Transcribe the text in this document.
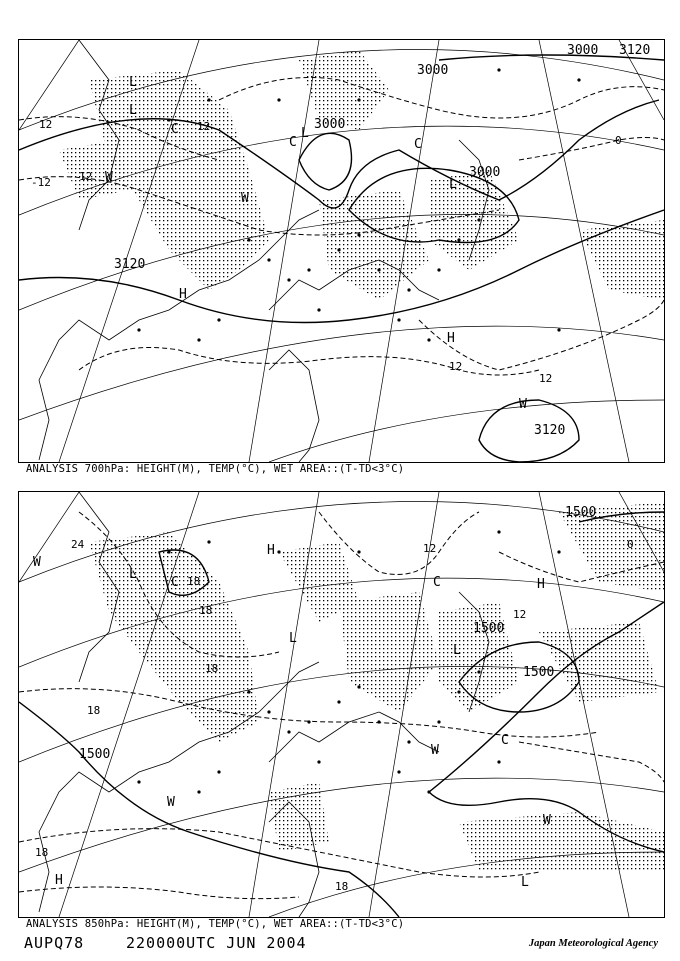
3000
3000
3000
3000 3120
3120
3120
12	12
-12	12
12
12
0
L
L
L
L
W
W
W
C
C
C
H
H
ANALYSIS 700hPa: HEIGHT(M), TEMP(°C), WET AREA::(T-TD<3°C)
1500
1500
1500
1500
24
18
18
18
18
12
12
0
18
18
L
L
L
L
W
W
W
W
C	C
C
H
H
H
ANALYSIS 850hPa: HEIGHT(M), TEMP(°C), WET AREA::(T-TD<3°C)
AUPQ78	220000UTC JUN 2004	Japan Meteorological Agency
